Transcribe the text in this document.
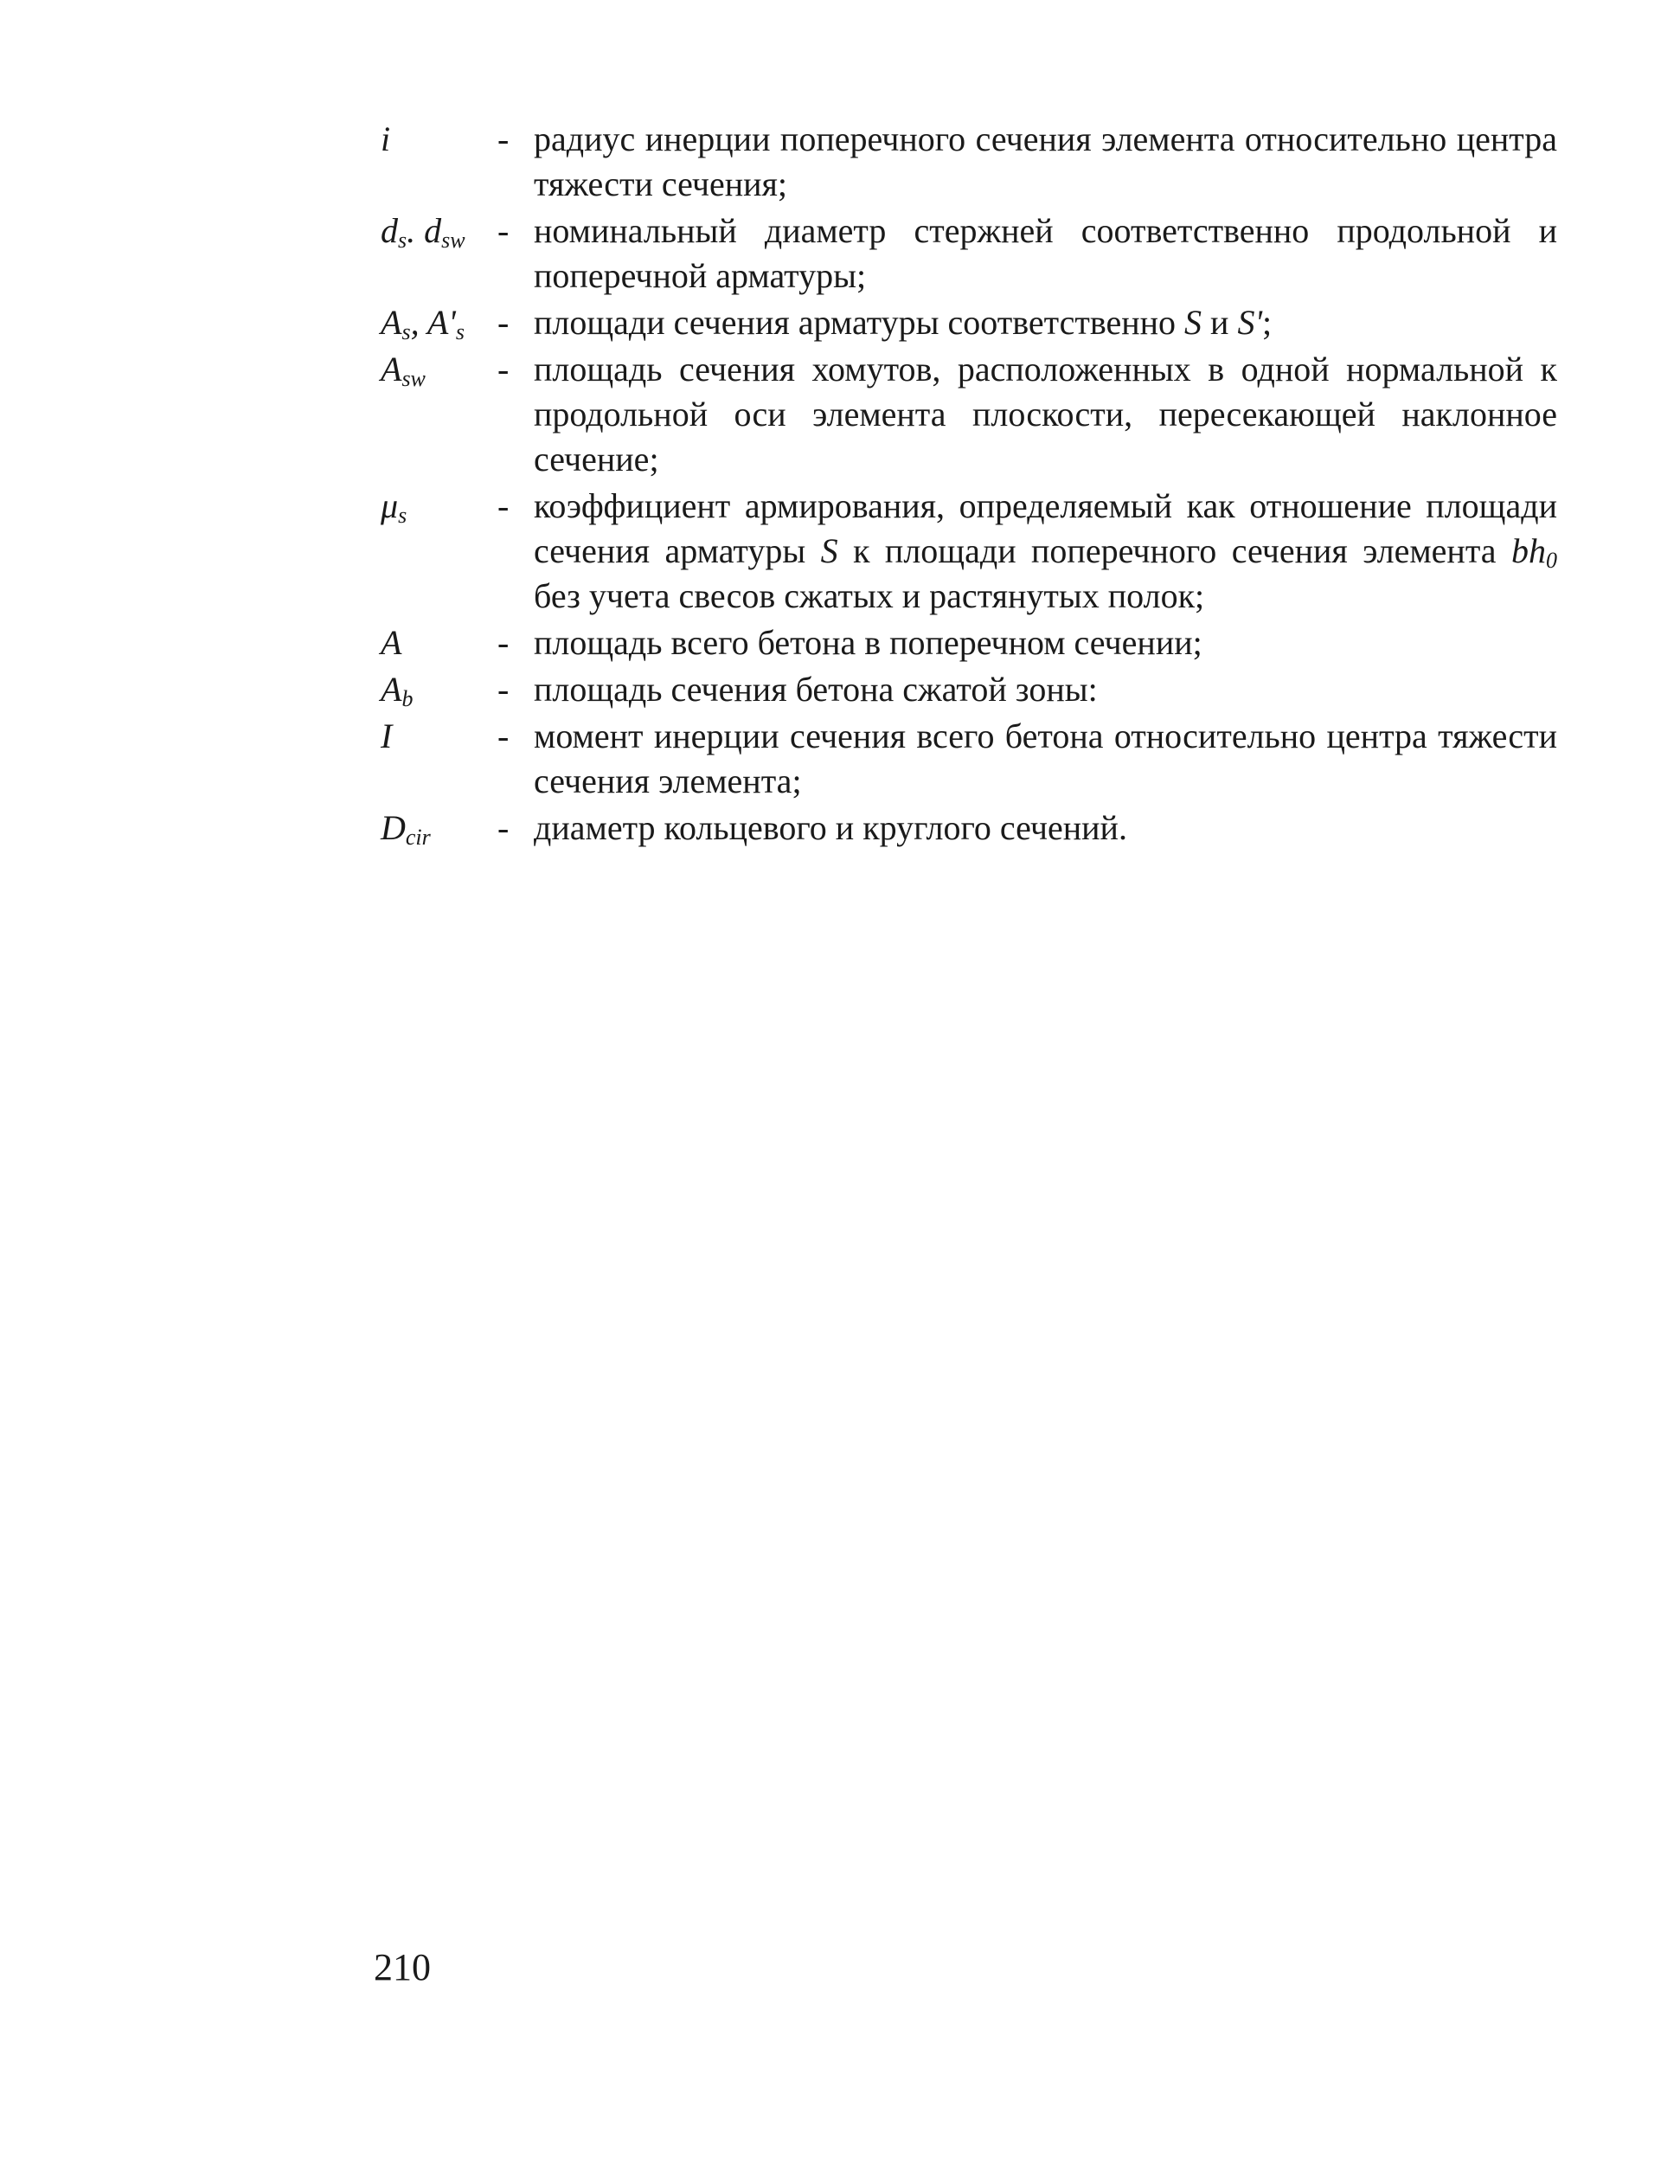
i	- радиус инерции поперечного сечения элемента относительно центра тяжести сечения;
$d_s$. $d_{sw}$ - номинальный диаметр стержней соответственно продольной и поперечной арматуры;
$A_s$, $A'_s$ - площади сечения арматуры соответственно S и S';
$A_{sw}$	- площадь сечения хомутов, расположенных в одной нормальной к продольной оси элемента плоскости, пересекающей наклонное сечение;
$\mu_s$	- коэффициент армирования, определяемый как отношение площади сечения арматуры S к площади поперечного сечения элемента $bh_0$ без учета свесов сжатых и растянутых полок;
A	- площадь всего бетона в поперечном сечении;
$A_b$	- площадь сечения бетона сжатой зоны:
I	- момент инерции сечения всего бетона относительно центра тяжести сечения элемента;
$D_{cir}$	- диаметр кольцевого и круглого сечений.
210
